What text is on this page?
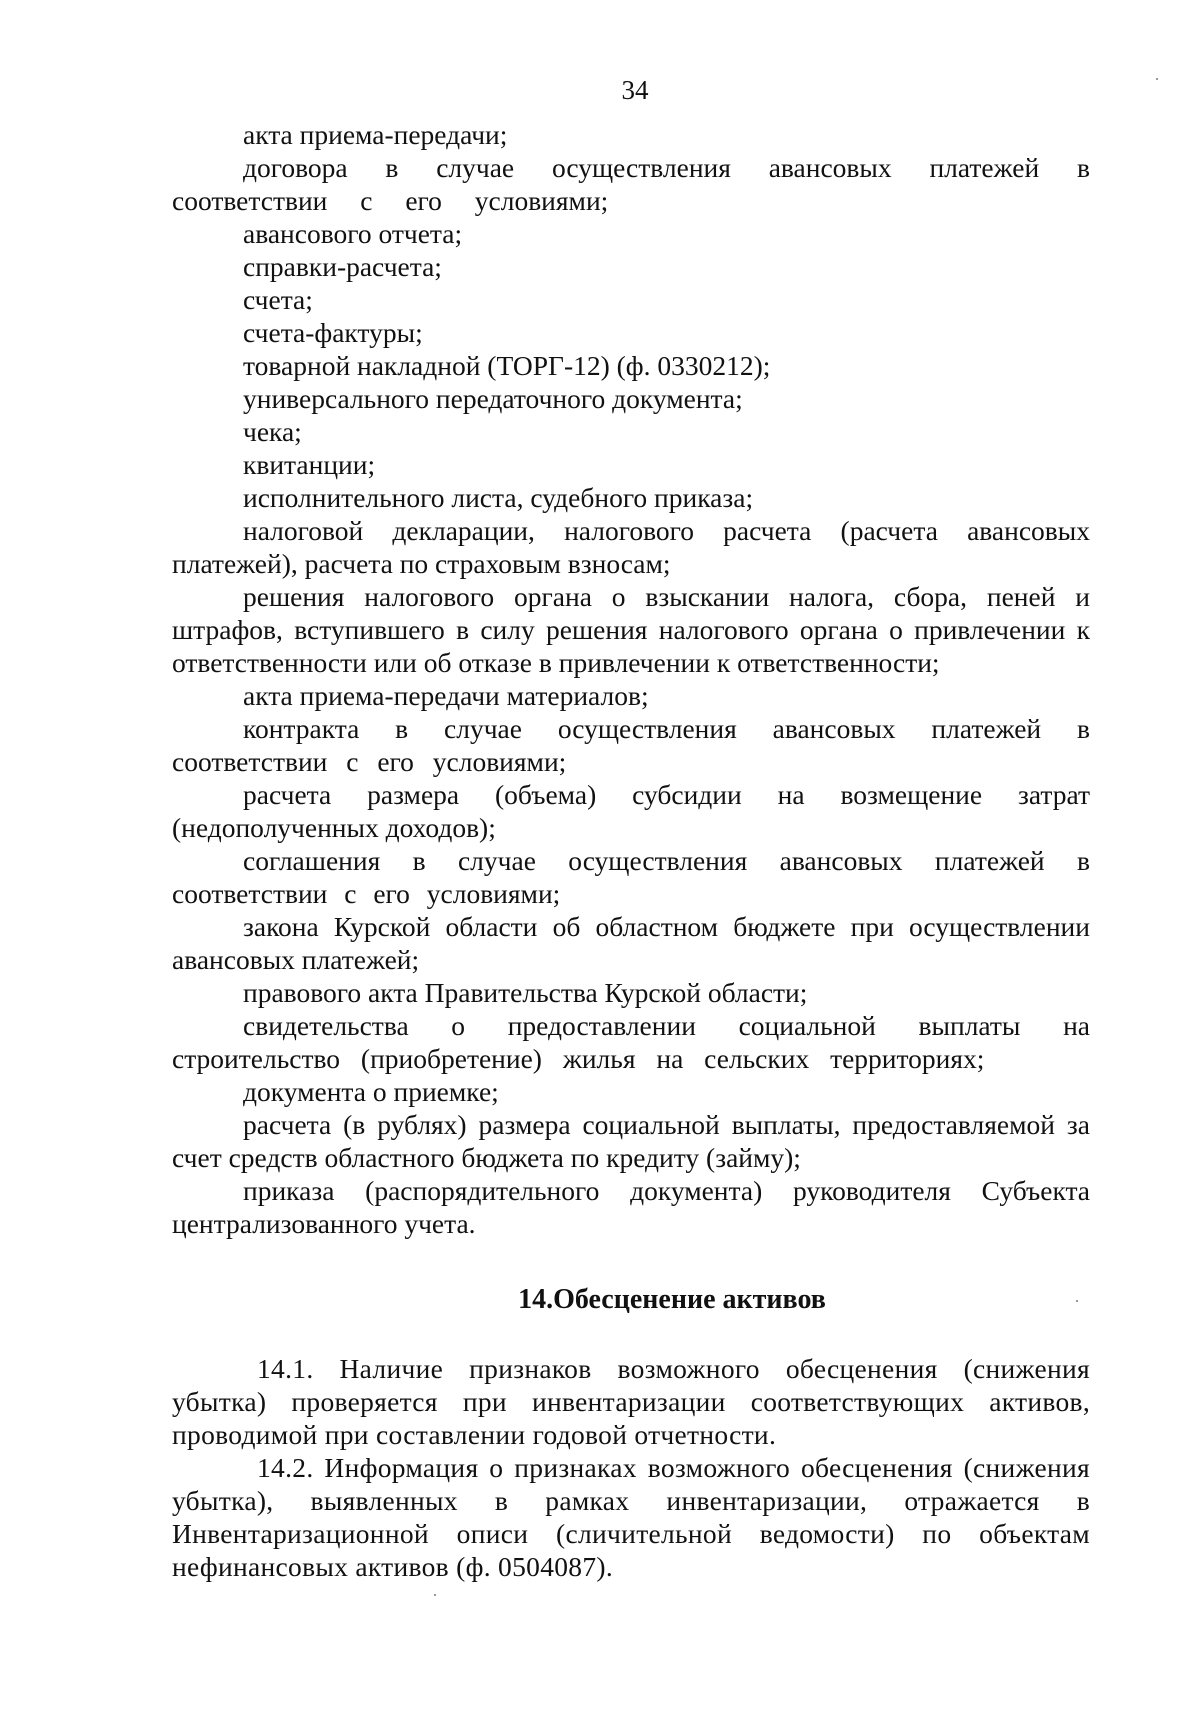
34

акта приема-передачи;

договора в случае осуществления авансовых платежей в соответствии с его условиями;

авансового отчета;

справки-расчета;

счета;

счета-фактуры;

товарной накладной (ТОРГ-12) (ф. 0330212);

универсального передаточного документа;

чека;

квитанции;

исполнительного листа, судебного приказа;

налоговой декларации, налогового расчета (расчета авансовых платежей), расчета по страховым взносам;

решения налогового органа о взыскании налога, сбора, пеней и штрафов, вступившего в силу решения налогового органа о привлечении к ответственности или об отказе в привлечении к ответственности;

акта приема-передачи материалов;

контракта в случае осуществления авансовых платежей в соответствии с его условиями;

расчета размера (объема) субсидии на возмещение затрат (недополученных доходов);

соглашения в случае осуществления авансовых платежей в соответствии с его условиями;

закона Курской области об областном бюджете при осуществлении авансовых платежей;

правового акта Правительства Курской области;

свидетельства о предоставлении социальной выплаты на строительство (приобретение) жилья на сельских территориях;

документа о приемке;

расчета (в рублях) размера социальной выплаты, предоставляемой за счет средств областного бюджета по кредиту (займу);

приказа (распорядительного документа) руководителя Субъекта централизованного учета.

14.Обесценение активов

14.1. Наличие признаков возможного обесценения (снижения убытка) проверяется при инвентаризации соответствующих активов, проводимой при составлении годовой отчетности.

14.2. Информация о признаках возможного обесценения (снижения убытка), выявленных в рамках инвентаризации, отражается в Инвентаризационной описи (сличительной ведомости) по объектам нефинансовых активов (ф. 0504087).
